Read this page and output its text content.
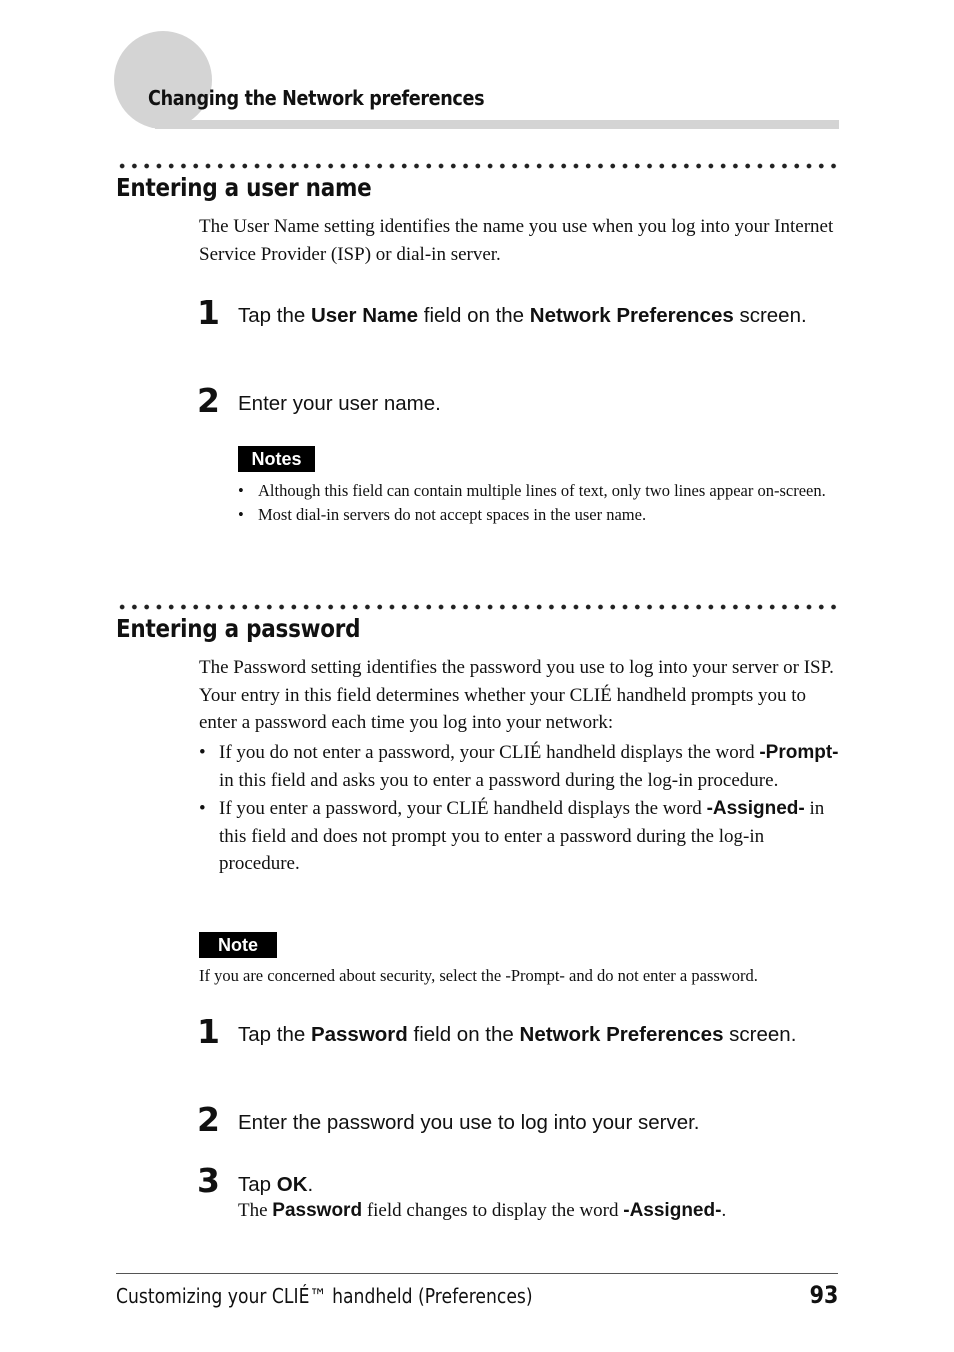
Changing the Network preferences
Entering a user name
The User Name setting identifies the name you use when you log into your Internet Service Provider (ISP) or dial-in server.
1 Tap the User Name field on the Network Preferences screen.
2 Enter your user name.
Notes
• Although this field can contain multiple lines of text, only two lines appear on-screen.
• Most dial-in servers do not accept spaces in the user name.
Entering a password
The Password setting identifies the password you use to log into your server or ISP. Your entry in this field determines whether your CLIÉ handheld prompts you to enter a password each time you log into your network:
• If you do not enter a password, your CLIÉ handheld displays the word -Prompt- in this field and asks you to enter a password during the log-in procedure.
• If you enter a password, your CLIÉ handheld displays the word -Assigned- in this field and does not prompt you to enter a password during the log-in procedure.
Note
If you are concerned about security, select the -Prompt- and do not enter a password.
1 Tap the Password field on the Network Preferences screen.
2 Enter the password you use to log into your server.
3 Tap OK.
The Password field changes to display the word -Assigned-.
Customizing your CLIÉ™ handheld (Preferences)	93
